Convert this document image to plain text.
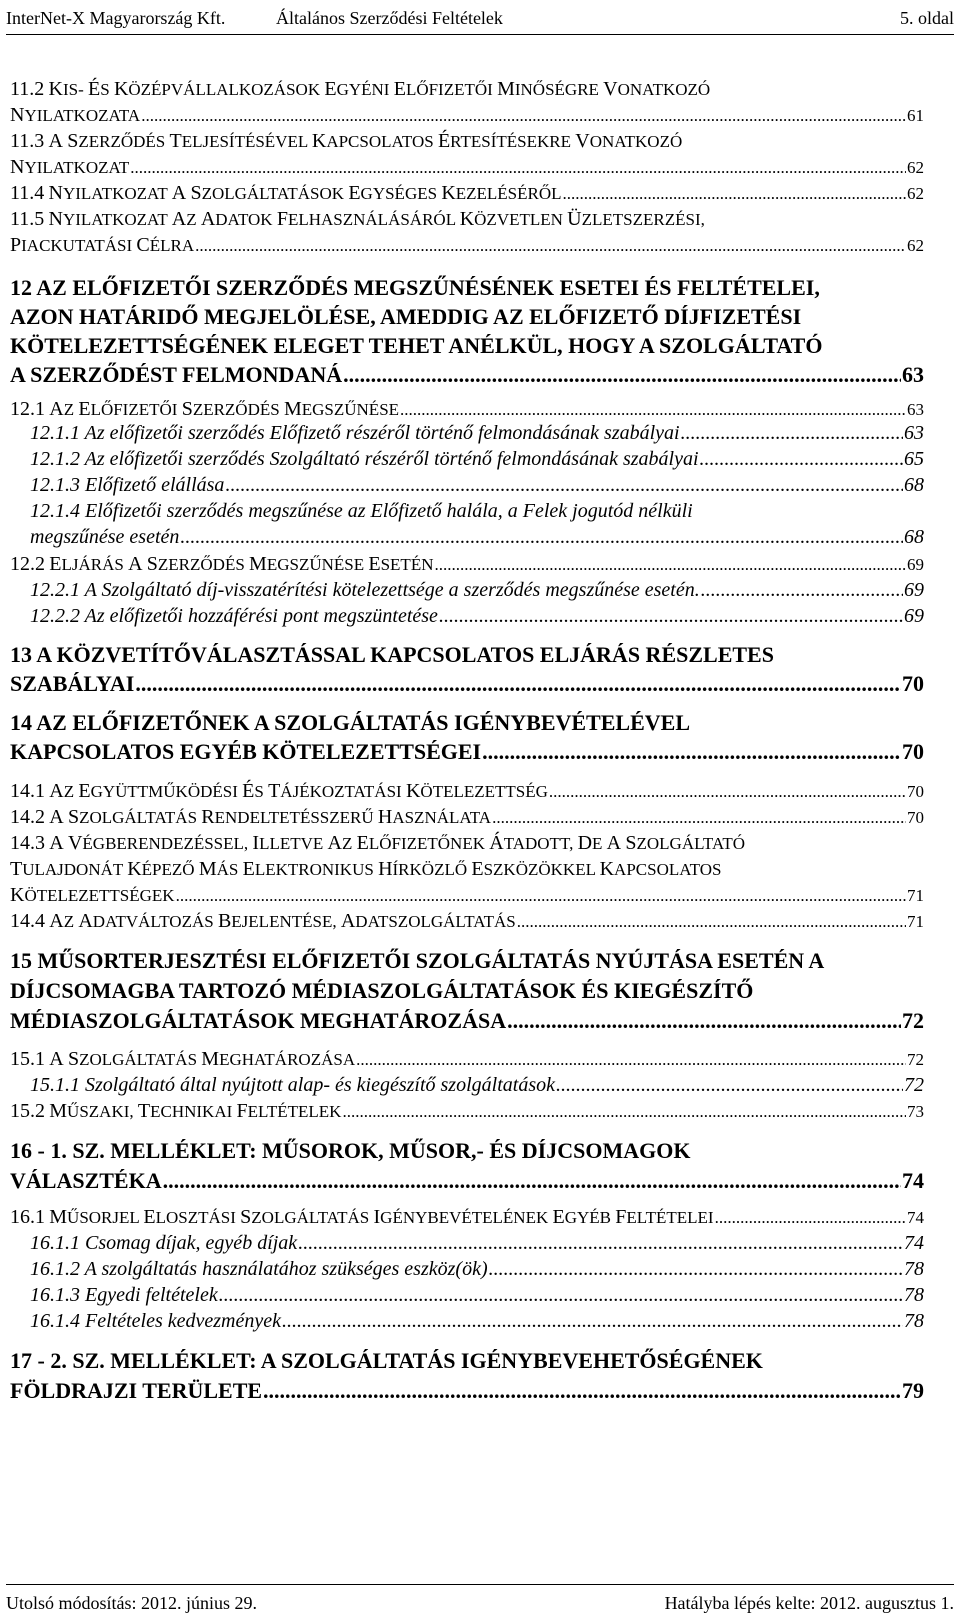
InterNet-X Magyarország Kft.	Általános Szerződési Feltételek	5. oldal
11.2 KIS- ÉS KÖZÉPVÁLLALKOZÁSOK EGYÉNI ELŐFIZETŐI MINŐSÉGRE VONATKOZÓ
NYILATKOZATA .....	61
11.3 A SZERZŐDÉS TELJESÍTÉSÉVEL KAPCSOLATOS ÉRTESÍTÉSEKRE VONATKOZÓ
NYILATKOZAT .....	62
11.4 NYILATKOZAT A SZOLGÁLTATÁSOK EGYSÉGES KEZELÉSÉRŐL .....	62
11.5 NYILATKOZAT AZ ADATOK FELHASZNÁLÁSÁRÓL KÖZVETLEN ÜZLETSZERZÉSI,
PIACKUTATÁSI CÉLRA .....	62
12 AZ ELŐFIZETŐI SZERZŐDÉS MEGSZŰNÉSÉNEK ESETEI ÉS FELTÉTELEI,
AZON HATÁRIDŐ MEGJELÖLÉSE, AMEDDIG AZ ELŐFIZETŐ DÍJFIZETÉSI
KÖTELEZETTSÉGÉNEK ELEGET TEHET ANÉLKÜL, HOGY A SZOLGÁLTATÓ
A SZERZŐDÉST FELMONDANÁ .....	63
12.1 AZ ELŐFIZETŐI SZERZŐDÉS MEGSZŰNÉSE .....	63
12.1.1 Az előfizetői szerződés Előfizető részéről történő felmondásának szabályai .....	63
12.1.2 Az előfizetői szerződés Szolgáltató részéről történő felmondásának szabályai .....	65
12.1.3 Előfizető elállása .....	68
12.1.4 Előfizetői szerződés megszűnése az Előfizető halála, a Felek jogutód nélküli
megszűnése esetén .....	68
12.2 ELJÁRÁS A SZERZŐDÉS MEGSZŰNÉSE ESETÉN .....	69
12.2.1 A Szolgáltató díj-visszatérítési kötelezettsége a szerződés megszűnése esetén. .....	69
12.2.2 Az előfizetői hozzáférési pont megszüntetése .....	69
13 A KÖZVETÍTŐVÁLASZTÁSSAL KAPCSOLATOS ELJÁRÁS RÉSZLETES
SZABÁLYAI .....	70
14 AZ ELŐFIZETŐNEK A SZOLGÁLTATÁS IGÉNYBEVÉTELÉVEL
KAPCSOLATOS EGYÉB KÖTELEZETTSÉGEI .....	70
14.1 AZ EGYÜTTMŰKÖDÉSI ÉS TÁJÉKOZTATÁSI KÖTELEZETTSÉG .....	70
14.2 A SZOLGÁLTATÁS RENDELTETÉSSZERŰ HASZNÁLATA .....	70
14.3 A VÉGBERENDEZÉSSEL, ILLETVE AZ ELŐFIZETŐNEK ÁTADOTT, DE A SZOLGÁLTATÓ
TULAJDONÁT KÉPEZŐ MÁS ELEKTRONIKUS HÍRKÖZLŐ ESZKÖZÖKKEL KAPCSOLATOS
KÖTELEZETTSÉGEK .....	71
14.4 AZ ADATVÁLTOZÁS BEJELENTÉSE, ADATSZOLGÁLTATÁS .....	71
15 MŰSORTERJESZTÉSI ELŐFIZETŐI SZOLGÁLTATÁS NYÚJTÁSA ESETÉN A
DÍJCSOMAGBA TARTOZÓ MÉDIASZOLGÁLTATÁSOK ÉS KIEGÉSZÍTŐ
MÉDIASZOLGÁLTATÁSOK MEGHATÁROZÁSA .....	72
15.1 A SZOLGÁLTATÁS MEGHATÁROZÁSA .....	72
15.1.1 Szolgáltató által nyújtott alap- és kiegészítő szolgáltatások .....	72
15.2 MŰSZAKI, TECHNIKAI FELTÉTELEK .....	73
16 - 1. SZ. MELLÉKLET: MŰSOROK, MŰSOR,- ÉS DÍJCSOMAGOK
VÁLASZTÉKA .....	74
16.1 MŰSORJEL ELOSZTÁSI SZOLGÁLTATÁS IGÉNYBEVÉTELÉNEK EGYÉB FELTÉTELEI .....	74
16.1.1 Csomag díjak, egyéb díjak .....	74
16.1.2 A szolgáltatás használatához szükséges eszköz(ök) .....	78
16.1.3 Egyedi feltételek .....	78
16.1.4 Feltételes kedvezmények .....	78
17 - 2. SZ. MELLÉKLET: A SZOLGÁLTATÁS IGÉNYBEVEHETŐSÉGÉNEK
FÖLDRAJZI TERÜLETE .....	79
Utolsó módosítás: 2012. június 29.	Hatályba lépés kelte: 2012. augusztus 1.
